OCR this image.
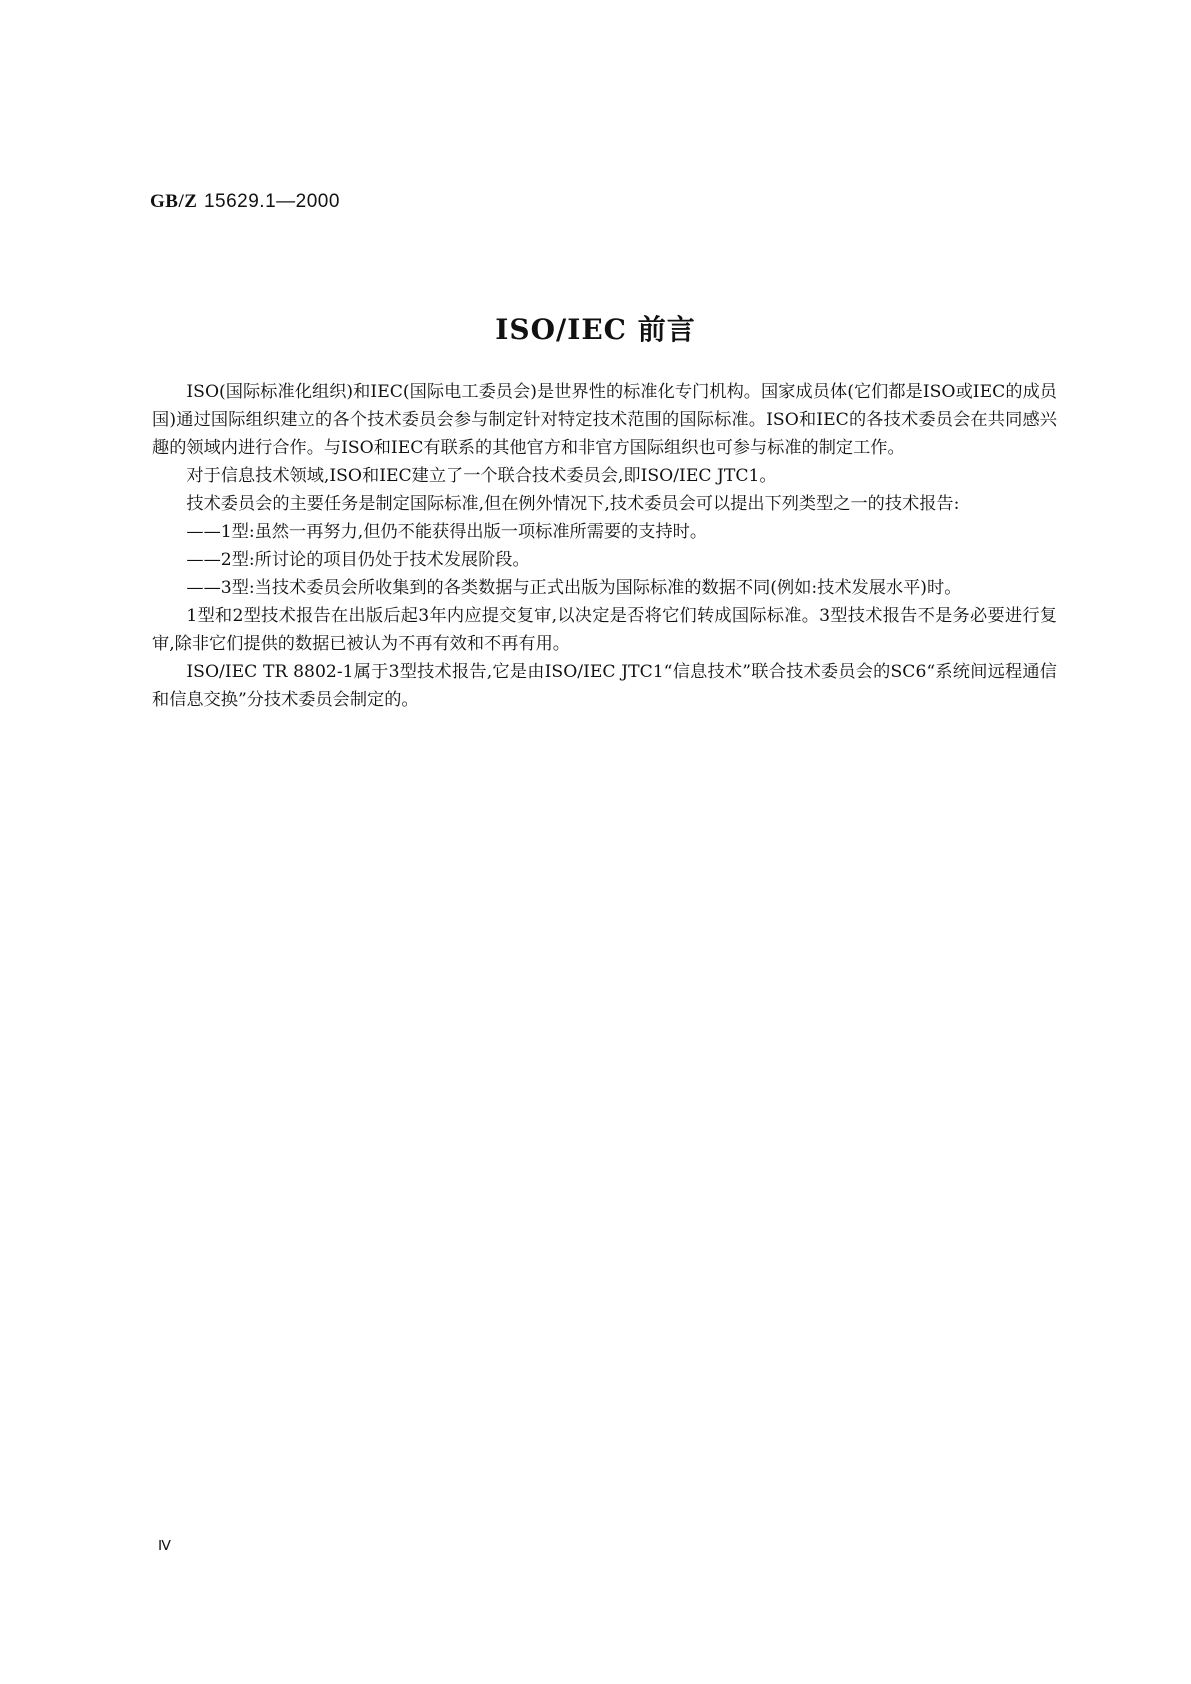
GB/Z 15629.1—2000
ISO/IEC 前言

ISO(国际标准化组织)和IEC(国际电工委员会)是世界性的标准化专门机构。国家成员体(它们都是ISO或IEC的成员国)通过国际组织建立的各个技术委员会参与制定针对特定技术范围的国际标准。ISO和IEC的各技术委员会在共同感兴趣的领域内进行合作。与ISO和IEC有联系的其他官方和非官方国际组织也可参与标准的制定工作。

对于信息技术领域,ISO和IEC建立了一个联合技术委员会,即ISO/IEC JTC1。

技术委员会的主要任务是制定国际标准,但在例外情况下,技术委员会可以提出下列类型之一的技术报告:

——1型:虽然一再努力,但仍不能获得出版一项标准所需要的支持时。

——2型:所讨论的项目仍处于技术发展阶段。

——3型:当技术委员会所收集到的各类数据与正式出版为国际标准的数据不同(例如:技术发展水平)时。

1型和2型技术报告在出版后起3年内应提交复审,以决定是否将它们转成国际标准。3型技术报告不是务必要进行复审,除非它们提供的数据已被认为不再有效和不再有用。

ISO/IEC TR 8802-1属于3型技术报告,它是由ISO/IEC JTC1“信息技术”联合技术委员会的SC6“系统间远程通信和信息交换”分技术委员会制定的。

Ⅳ
